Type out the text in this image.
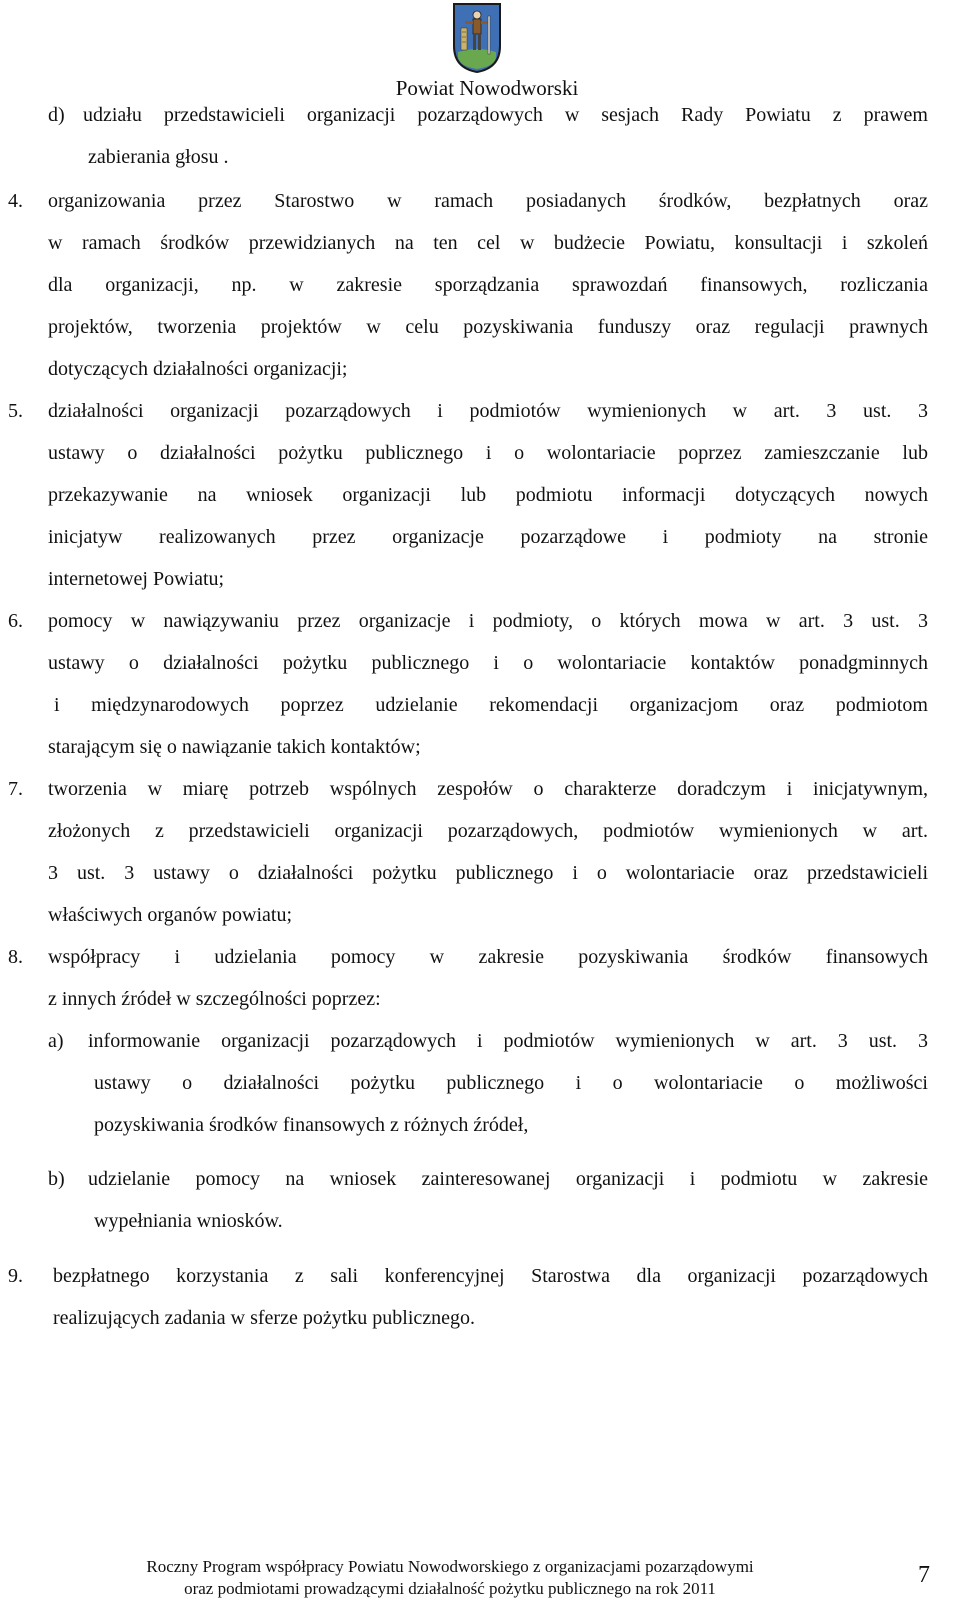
Powiat Nowodworski
d) udziału przedstawicieli organizacji pozarządowych w sesjach Rady Powiatu z prawem
zabierania głosu .
4. organizowania przez Starostwo w ramach posiadanych środków, bezpłatnych oraz
w ramach środków przewidzianych na ten cel w budżecie Powiatu, konsultacji i szkoleń
dla organizacji, np. w zakresie sporządzania sprawozdań finansowych, rozliczania
projektów, tworzenia projektów w celu pozyskiwania funduszy oraz regulacji prawnych
dotyczących działalności organizacji;
5. działalności organizacji pozarządowych i podmiotów wymienionych w art. 3 ust. 3
ustawy o działalności pożytku publicznego i o wolontariacie poprzez zamieszczanie lub
przekazywanie na wniosek organizacji lub podmiotu informacji dotyczących nowych
inicjatyw realizowanych przez organizacje pozarządowe i podmioty na stronie
internetowej Powiatu;
6. pomocy w nawiązywaniu przez organizacje i podmioty, o których mowa w art. 3 ust. 3
ustawy o działalności pożytku publicznego i o wolontariacie kontaktów ponadgminnych
i międzynarodowych poprzez udzielanie rekomendacji organizacjom oraz podmiotom
starającym się o nawiązanie takich kontaktów;
7. tworzenia w miarę potrzeb wspólnych zespołów o charakterze doradczym i inicjatywnym,
złożonych z przedstawicieli organizacji pozarządowych, podmiotów wymienionych w art.
3 ust. 3 ustawy o działalności pożytku publicznego i o wolontariacie oraz przedstawicieli
właściwych organów powiatu;
8. współpracy i udzielania pomocy w zakresie pozyskiwania środków finansowych
z innych źródeł w szczególności poprzez:
a) informowanie organizacji pozarządowych i podmiotów wymienionych w art. 3 ust. 3
ustawy o działalności pożytku publicznego i o wolontariacie o możliwości
pozyskiwania środków finansowych z różnych źródeł,
b) udzielanie pomocy na wniosek zainteresowanej organizacji i podmiotu w zakresie
wypełniania wniosków.
9. bezpłatnego korzystania z sali konferencyjnej Starostwa dla organizacji pozarządowych
realizujących zadania w sferze pożytku publicznego.
Roczny Program współpracy Powiatu Nowodworskiego z organizacjami pozarządowymi
oraz podmiotami prowadzącymi działalność pożytku publicznego na rok 2011
7
